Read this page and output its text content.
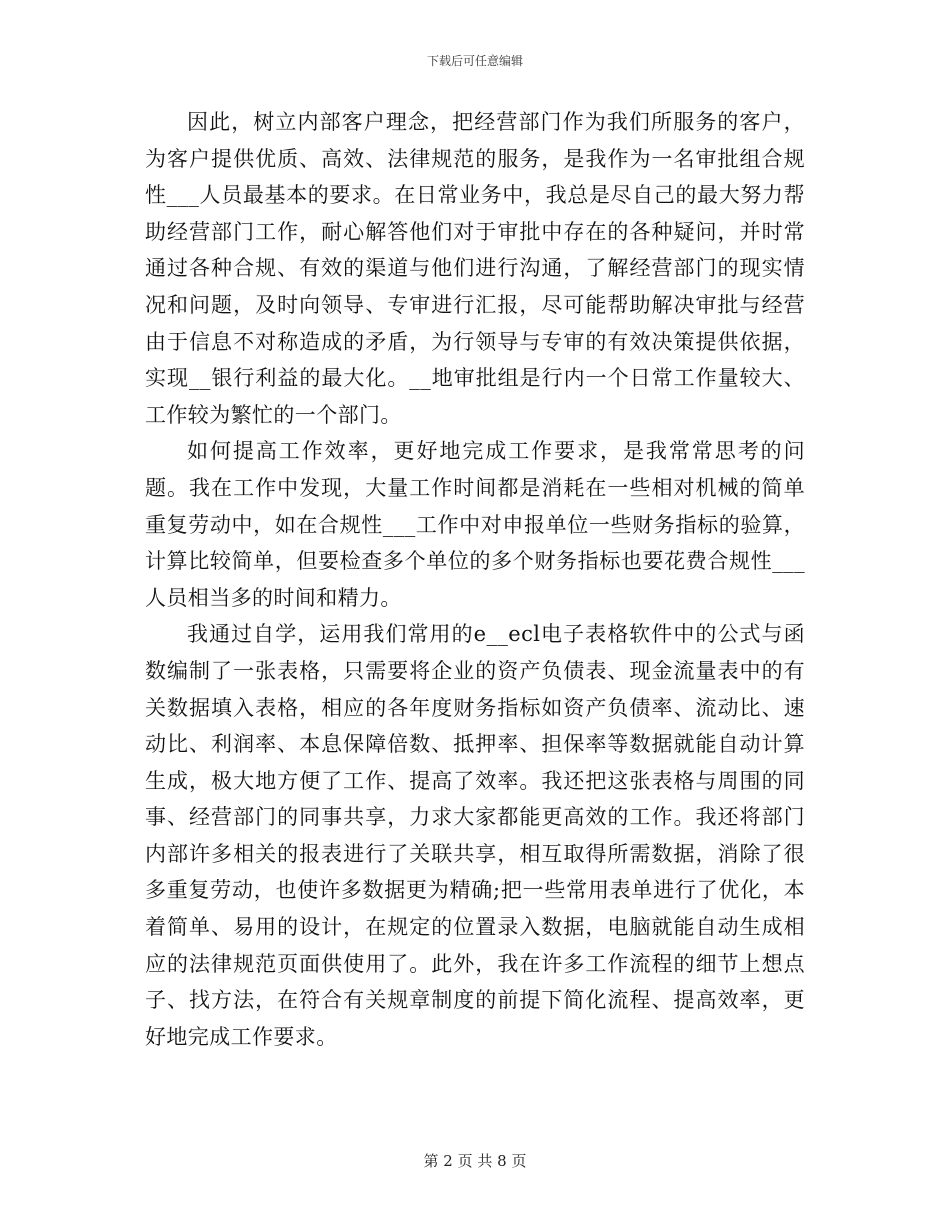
下载后可任意编辑

因此，树立内部客户理念，把经营部门作为我们所服务的客户，为客户提供优质、高效、法律规范的服务，是我作为一名审批组合规性___人员最基本的要求。在日常业务中，我总是尽自己的最大努力帮助经营部门工作，耐心解答他们对于审批中存在的各种疑问，并时常通过各种合规、有效的渠道与他们进行沟通，了解经营部门的现实情况和问题，及时向领导、专审进行汇报，尽可能帮助解决审批与经营由于信息不对称造成的矛盾，为行领导与专审的有效决策提供依据，实现__银行利益的最大化。__地审批组是行内一个日常工作量较大、工作较为繁忙的一个部门。

如何提高工作效率，更好地完成工作要求，是我常常思考的问题。我在工作中发现，大量工作时间都是消耗在一些相对机械的简单重复劳动中，如在合规性___工作中对申报单位一些财务指标的验算，计算比较简单，但要检查多个单位的多个财务指标也要花费合规性___人员相当多的时间和精力。

我通过自学，运用我们常用的e__ecl电子表格软件中的公式与函数编制了一张表格，只需要将企业的资产负债表、现金流量表中的有关数据填入表格，相应的各年度财务指标如资产负债率、流动比、速动比、利润率、本息保障倍数、抵押率、担保率等数据就能自动计算生成，极大地方便了工作、提高了效率。我还把这张表格与周围的同事、经营部门的同事共享，力求大家都能更高效的工作。我还将部门内部许多相关的报表进行了关联共享，相互取得所需数据，消除了很多重复劳动，也使许多数据更为精确;把一些常用表单进行了优化，本着简单、易用的设计，在规定的位置录入数据，电脑就能自动生成相应的法律规范页面供使用了。此外，我在许多工作流程的细节上想点子、找方法，在符合有关规章制度的前提下简化流程、提高效率，更好地完成工作要求。

第 2 页 共 8 页
